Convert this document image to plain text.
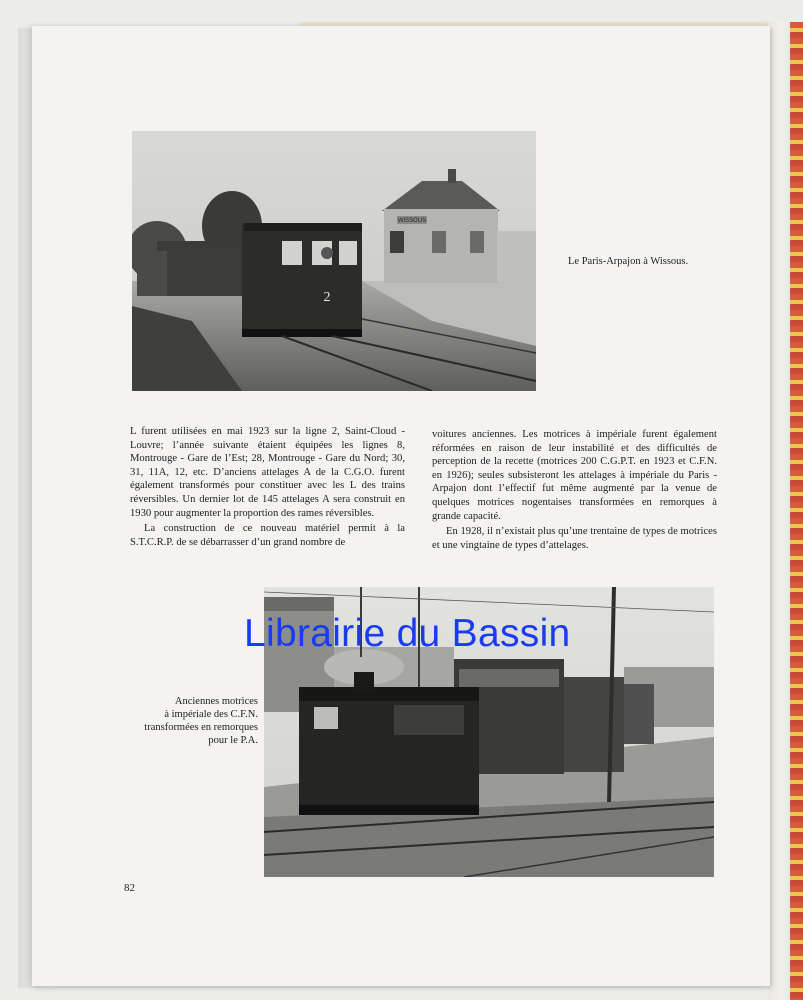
WISSOUS
2
Le Paris-Arpajon à Wissous.

L furent utilisées en mai 1923 sur la ligne 2, Saint-Cloud - Louvre; l’année suivante étaient équipées les lignes 8, Montrouge - Gare de l’Est; 28, Montrouge - Gare du Nord; 30, 31, 11A, 12, etc. D’anciens attelages A de la C.G.O. furent également transformés pour constituer avec les L des trains réversibles. Un dernier lot de 145 attelages A sera construit en 1930 pour augmenter la proportion des rames réversibles.

La construction de ce nouveau matériel permit à la S.T.C.R.P. de se débarrasser d’un grand nombre de

voitures anciennes. Les motrices à impériale furent également réformées en raison de leur instabilité et des difficultés de perception de la recette (motrices 200 C.G.P.T. en 1923 et C.F.N. en 1926); seules subsisteront les attelages à impériale du Paris - Arpajon dont l’effectif fut même augmenté par la venue de quelques motrices nogentaises transformées en remorques à grande capacité.

En 1928, il n’existait plus qu’une trentaine de types de motrices et une vingtaine de types d’attelages.

Anciennes motrices
à impériale des C.F.N.
transformées en remorques
pour le P.A.
82
Librairie du Bassin
